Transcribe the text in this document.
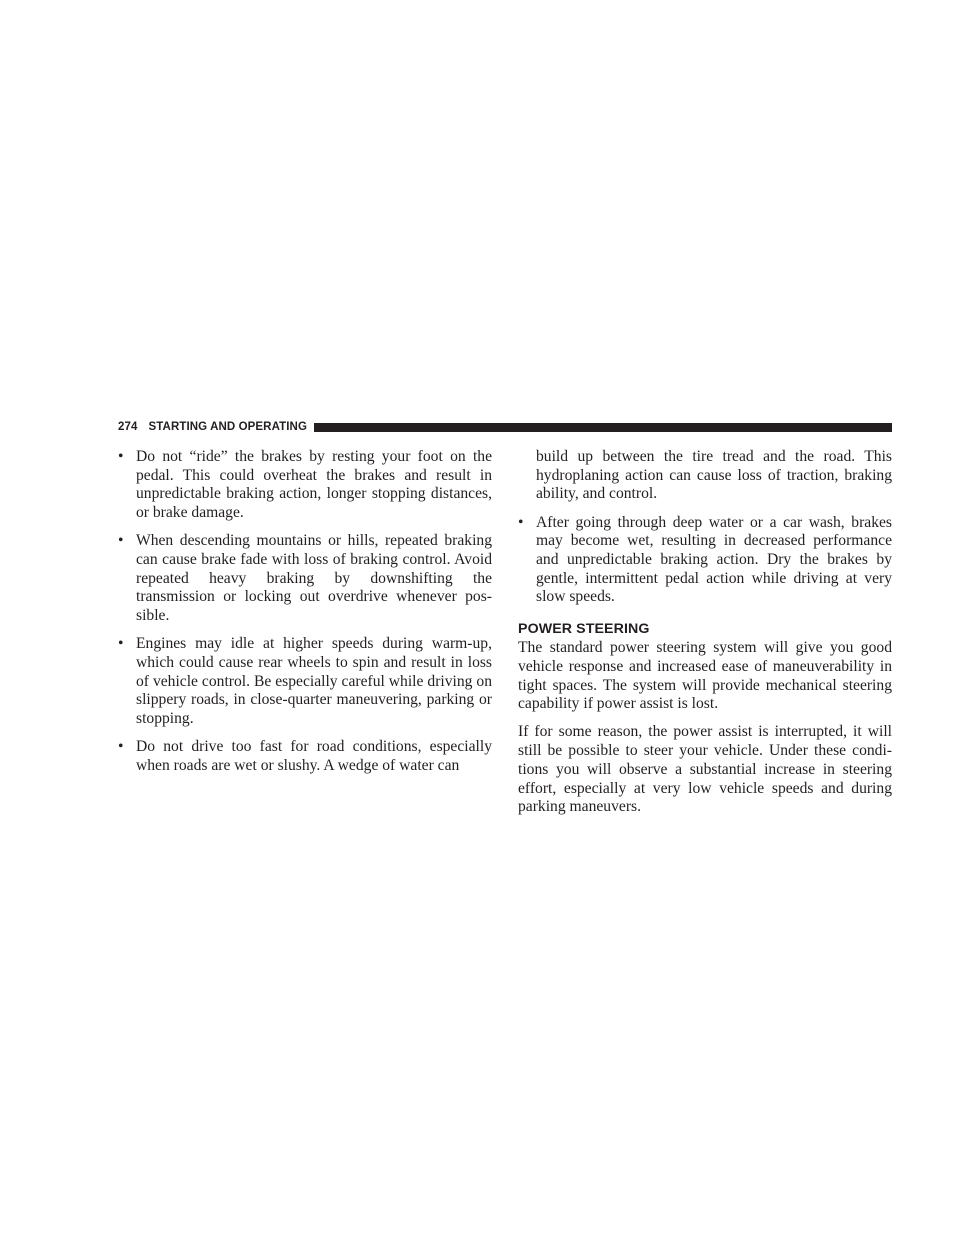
274 STARTING AND OPERATING
• Do not “ride” the brakes by resting your foot on the pedal. This could overheat the brakes and result in unpredictable braking action, longer stopping distances, or brake damage.
• When descending mountains or hills, repeated braking can cause brake fade with loss of braking control. Avoid repeated heavy braking by downshifting the transmission or locking out overdrive whenever possible.
• Engines may idle at higher speeds during warm-up, which could cause rear wheels to spin and result in loss of vehicle control. Be especially careful while driving on slippery roads, in close-quarter maneuvering, parking or stopping.
• Do not drive too fast for road conditions, especially when roads are wet or slushy. A wedge of water can
build up between the tire tread and the road. This hydroplaning action can cause loss of traction, braking ability, and control.
• After going through deep water or a car wash, brakes may become wet, resulting in decreased performance and unpredictable braking action. Dry the brakes by gentle, intermittent pedal action while driving at very slow speeds.
POWER STEERING

The standard power steering system will give you good vehicle response and increased ease of maneuverability in tight spaces. The system will provide mechanical steering capability if power assist is lost.

If for some reason, the power assist is interrupted, it will still be possible to steer your vehicle. Under these conditions you will observe a substantial increase in steering effort, especially at very low vehicle speeds and during parking maneuvers.
